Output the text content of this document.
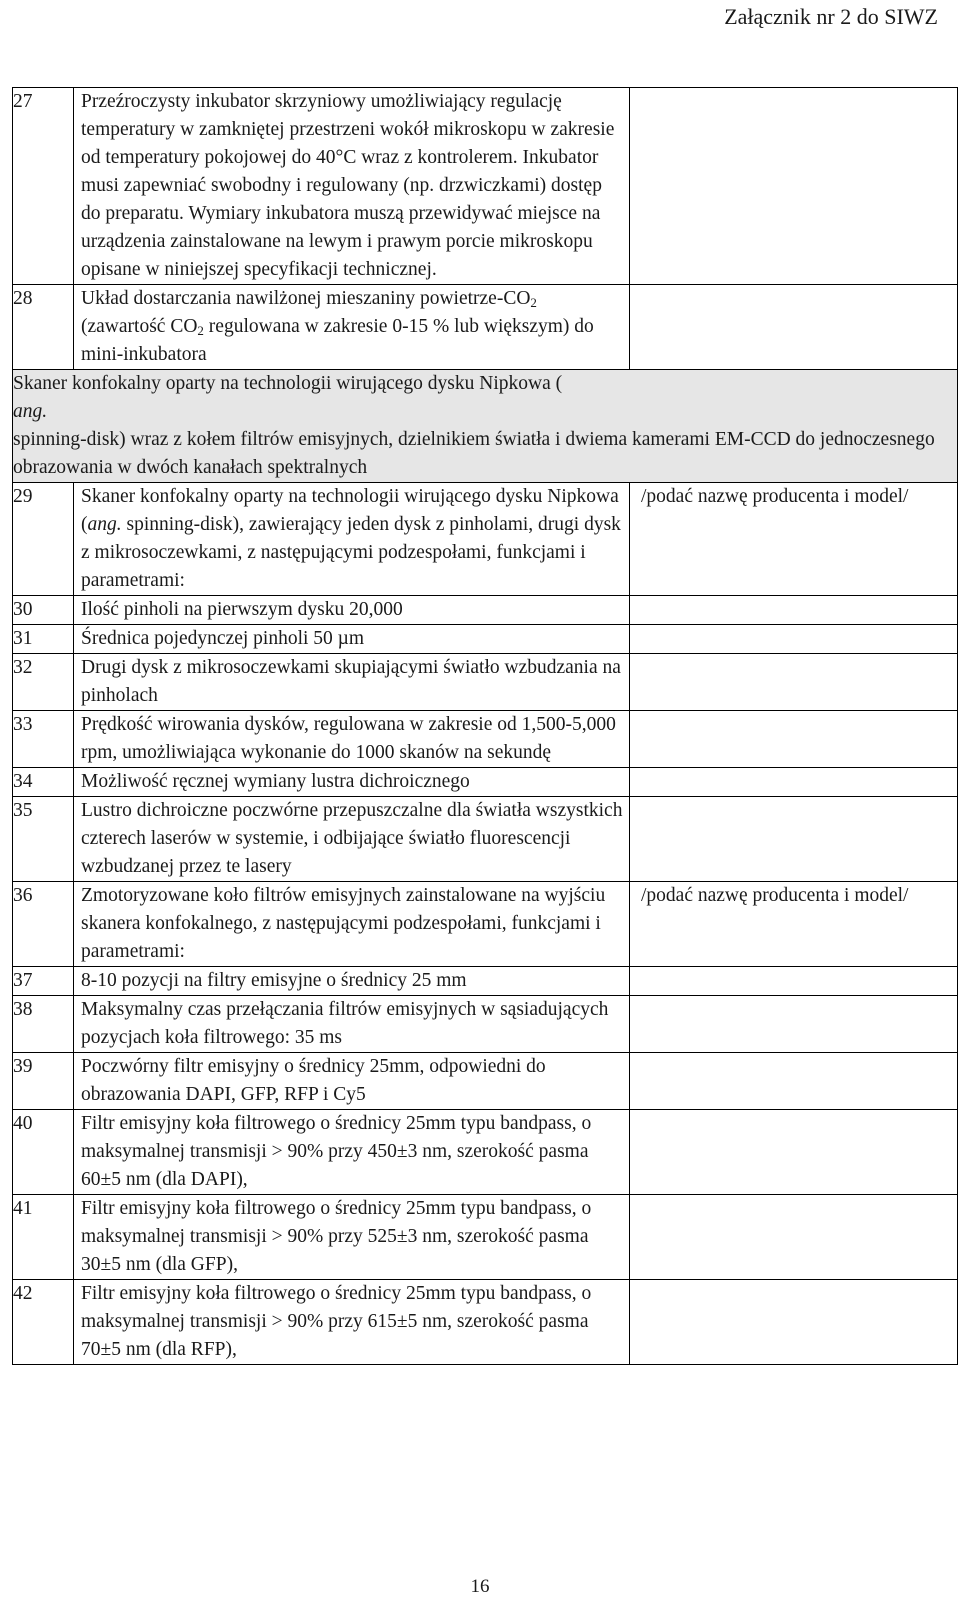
Załącznik nr 2 do SIWZ
27	Przeźroczysty inkubator skrzyniowy umożliwiający regulację temperatury w zamkniętej przestrzeni wokół mikroskopu w zakresie od temperatury pokojowej do 40°C wraz z kontrolerem. Inkubator musi zapewniać swobodny i regulowany (np. drzwiczkami) dostęp do preparatu. Wymiary inkubatora muszą przewidywać miejsce na urządzenia zainstalowane na lewym i prawym porcie mikroskopu opisane w niniejszej specyfikacji technicznej.	

28	Układ dostarczania nawilżonej mieszaniny powietrze-$CO_2$ (zawartość $CO_2$ regulowana w zakresie 0-15 % lub większym) do mini-inkubatora	

Skaner konfokalny oparty na technologii wirującego dysku Nipkowa (
ang.
spinning-disk) wraz z kołem filtrów emisyjnych, dzielnikiem światła i dwiema kamerami EM-CCD do jednoczesnego obrazowania w dwóch kanałach spektralnych		

29	Skaner konfokalny oparty na technologii wirującego dysku Nipkowa (ang. spinning-disk), zawierający jeden dysk z pinholami, drugi dysk z mikrosoczewkami, z następującymi podzespołami, funkcjami i parametrami:	/podać nazwę producenta i model/

30	Ilość pinholi na pierwszym dysku 20,000	

31	Średnica pojedynczej pinholi 50 µm	

32	Drugi dysk z mikrosoczewkami skupiającymi światło wzbudzania na pinholach	

33	Prędkość wirowania dysków, regulowana w zakresie od 1,500-5,000 rpm, umożliwiająca wykonanie do 1000 skanów na sekundę	

34	Możliwość ręcznej wymiany lustra dichroicznego	

35	Lustro dichroiczne poczwórne przepuszczalne dla światła wszystkich czterech laserów w systemie, i odbijające światło fluorescencji wzbudzanej przez te lasery	

36	Zmotoryzowane koło filtrów emisyjnych zainstalowane na wyjściu skanera konfokalnego, z następującymi podzespołami, funkcjami i parametrami:	/podać nazwę producenta i model/

37	8-10 pozycji na filtry emisyjne o średnicy 25 mm	

38	Maksymalny czas przełączania filtrów emisyjnych w sąsiadujących pozycjach koła filtrowego: 35 ms	

39	Poczwórny filtr emisyjny o średnicy 25mm, odpowiedni do obrazowania DAPI, GFP, RFP i Cy5	

40	Filtr emisyjny koła filtrowego o średnicy 25mm typu bandpass, o maksymalnej transmisji > 90% przy 450±3 nm, szerokość pasma 60±5 nm (dla DAPI),	

41	Filtr emisyjny koła filtrowego o średnicy 25mm typu bandpass, o maksymalnej transmisji > 90% przy 525±3 nm, szerokość pasma 30±5 nm (dla GFP),	

42	Filtr emisyjny koła filtrowego o średnicy 25mm typu bandpass, o maksymalnej transmisji > 90% przy 615±5 nm, szerokość pasma 70±5 nm (dla RFP),	
16
